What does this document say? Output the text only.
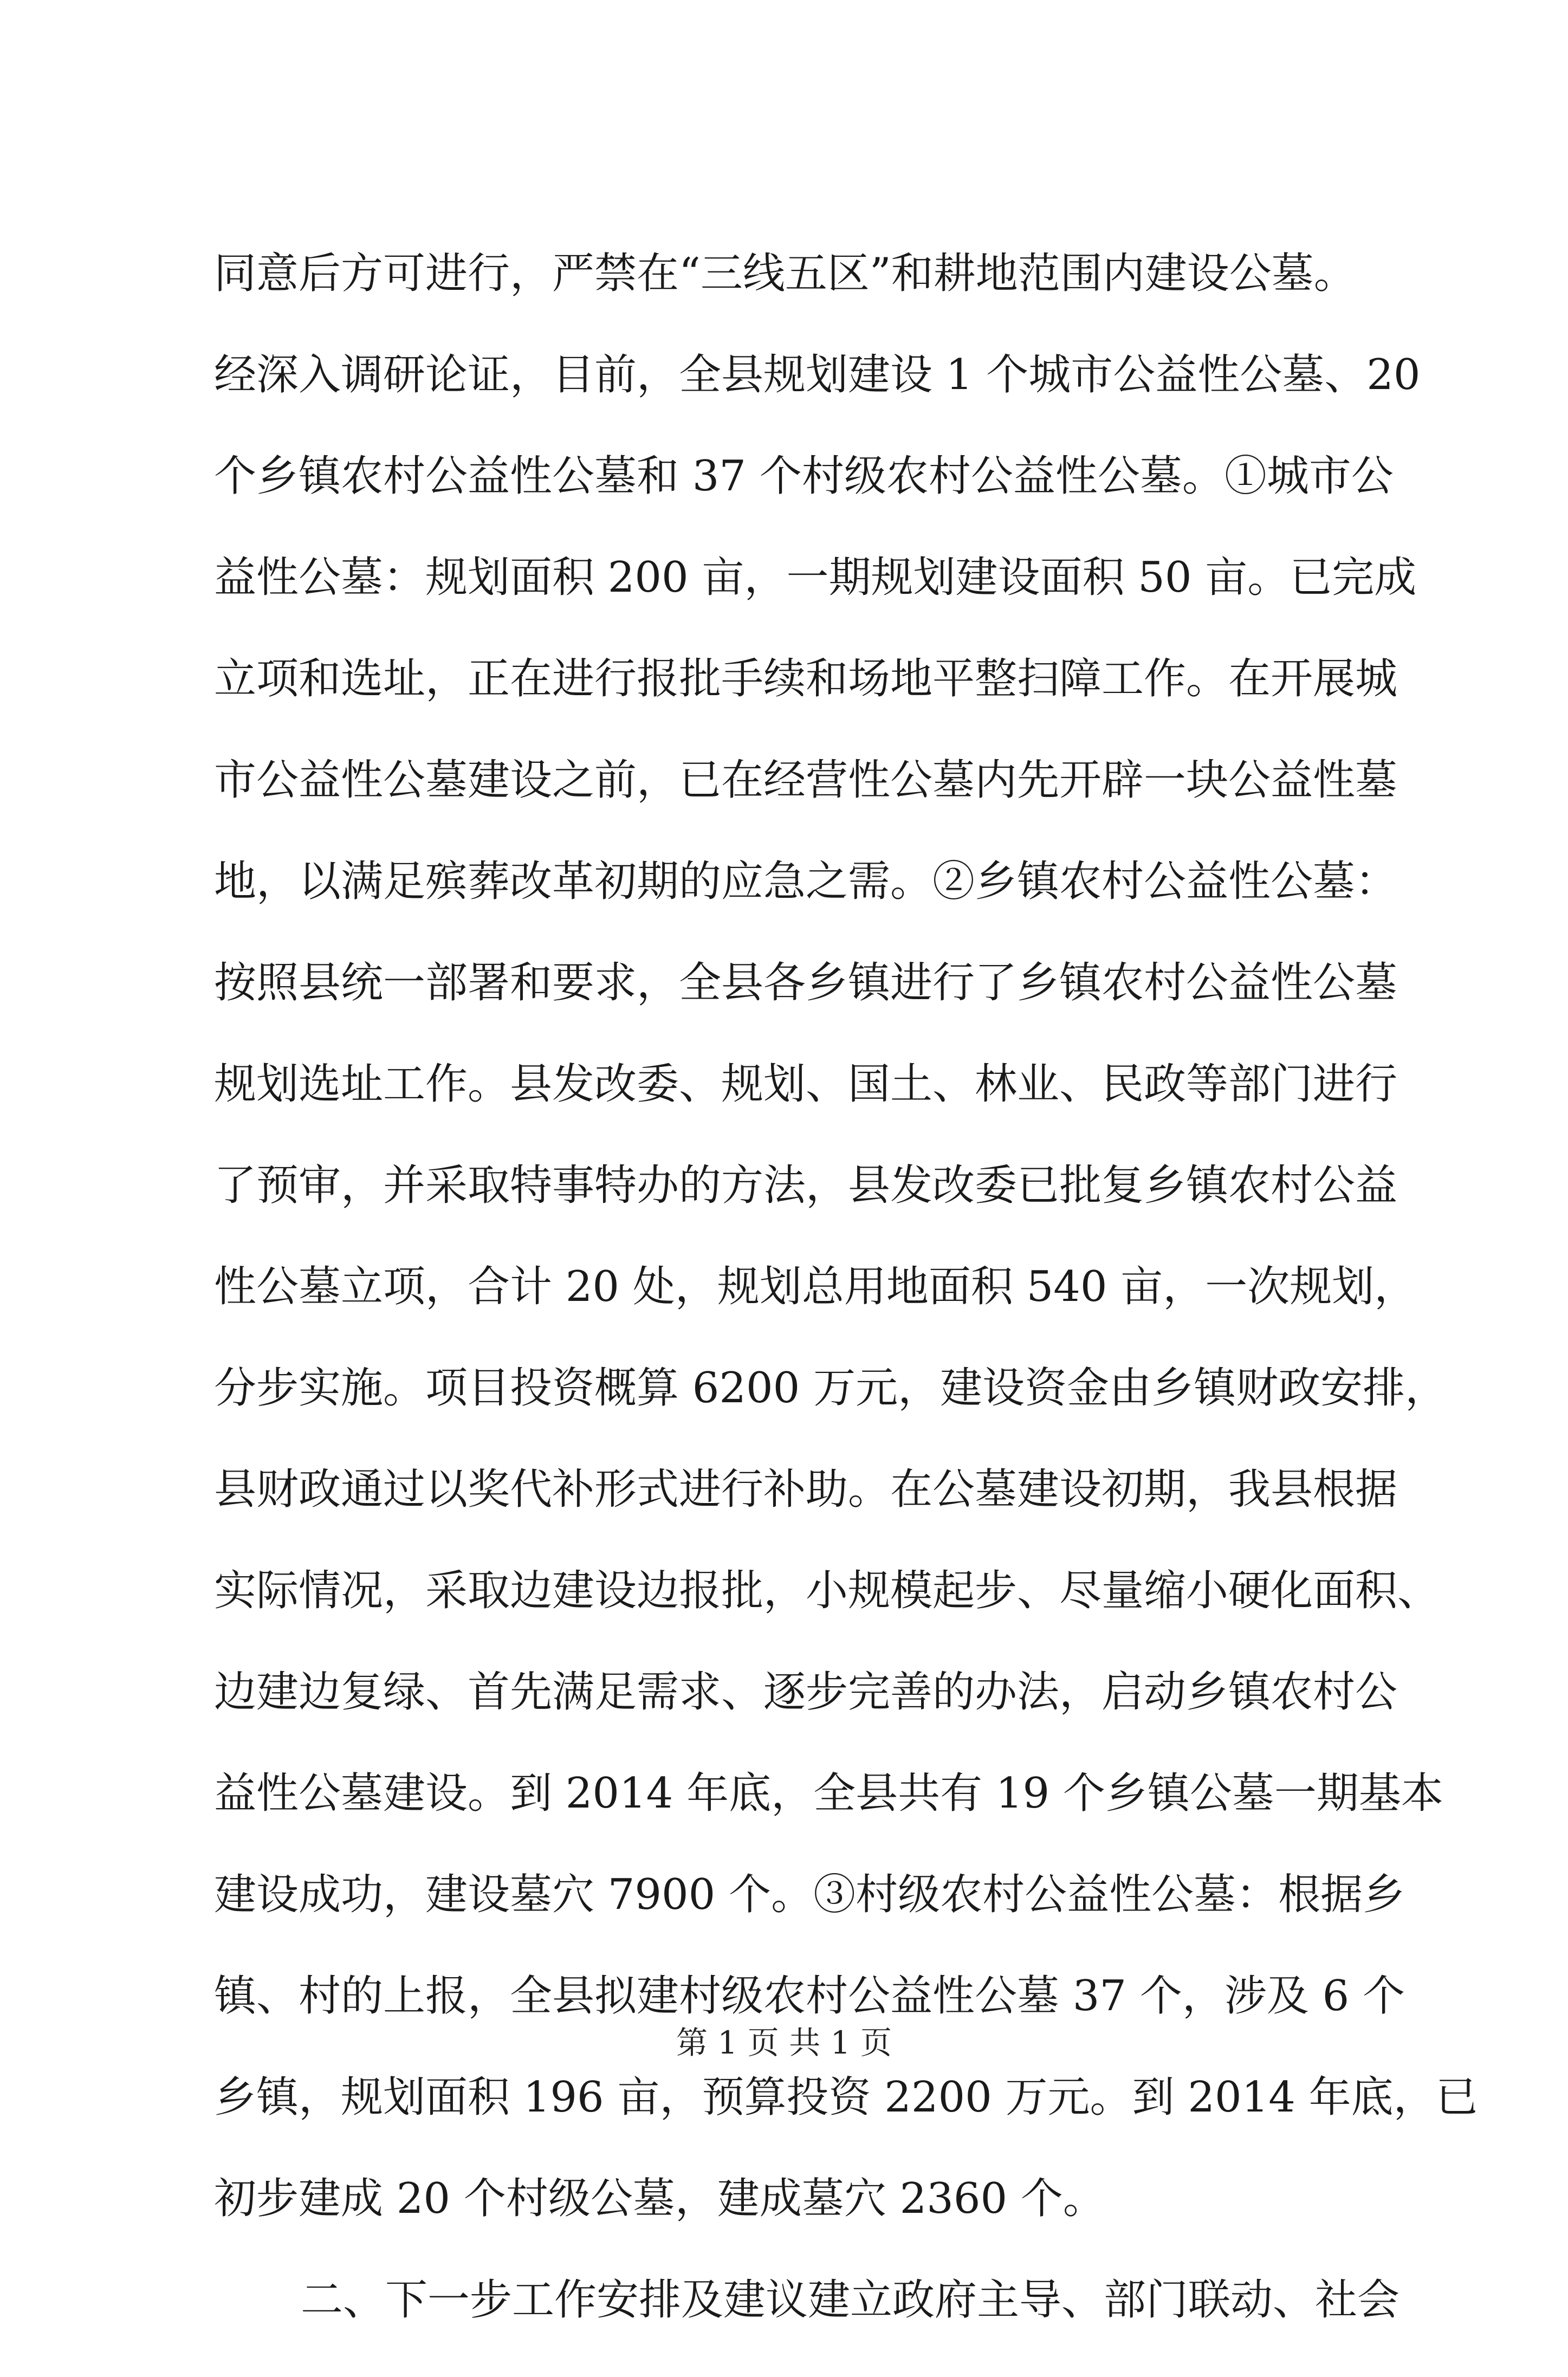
同意后方可进行，严禁在“三线五区”和耕地范围内建设公墓。
经深入调研论证，目前，全县规划建设 1 个城市公益性公墓、20
个乡镇农村公益性公墓和 37 个村级农村公益性公墓。①城市公
益性公墓：规划面积 200 亩，一期规划建设面积 50 亩。已完成
立项和选址，正在进行报批手续和场地平整扫障工作。在开展城
市公益性公墓建设之前，已在经营性公墓内先开辟一块公益性墓
地，以满足殡葬改革初期的应急之需。②乡镇农村公益性公墓：
按照县统一部署和要求，全县各乡镇进行了乡镇农村公益性公墓
规划选址工作。县发改委、规划、国土、林业、民政等部门进行
了预审，并采取特事特办的方法，县发改委已批复乡镇农村公益
性公墓立项，合计 20 处，规划总用地面积 540 亩，一次规划，
分步实施。项目投资概算 6200 万元，建设资金由乡镇财政安排，
县财政通过以奖代补形式进行补助。在公墓建设初期，我县根据
实际情况，采取边建设边报批，小规模起步、尽量缩小硬化面积、
边建边复绿、首先满足需求、逐步完善的办法，启动乡镇农村公
益性公墓建设。到 2014 年底，全县共有 19 个乡镇公墓一期基本
建设成功，建设墓穴 7900 个。③村级农村公益性公墓：根据乡
镇、村的上报，全县拟建村级农村公益性公墓 37 个，涉及 6 个
乡镇，规划面积 196 亩，预算投资 2200 万元。到 2014 年底，已
初步建成 20 个村级公墓，建成墓穴 2360 个。
二、下一步工作安排及建议建立政府主导、部门联动、社会
第 1 页 共 1 页
